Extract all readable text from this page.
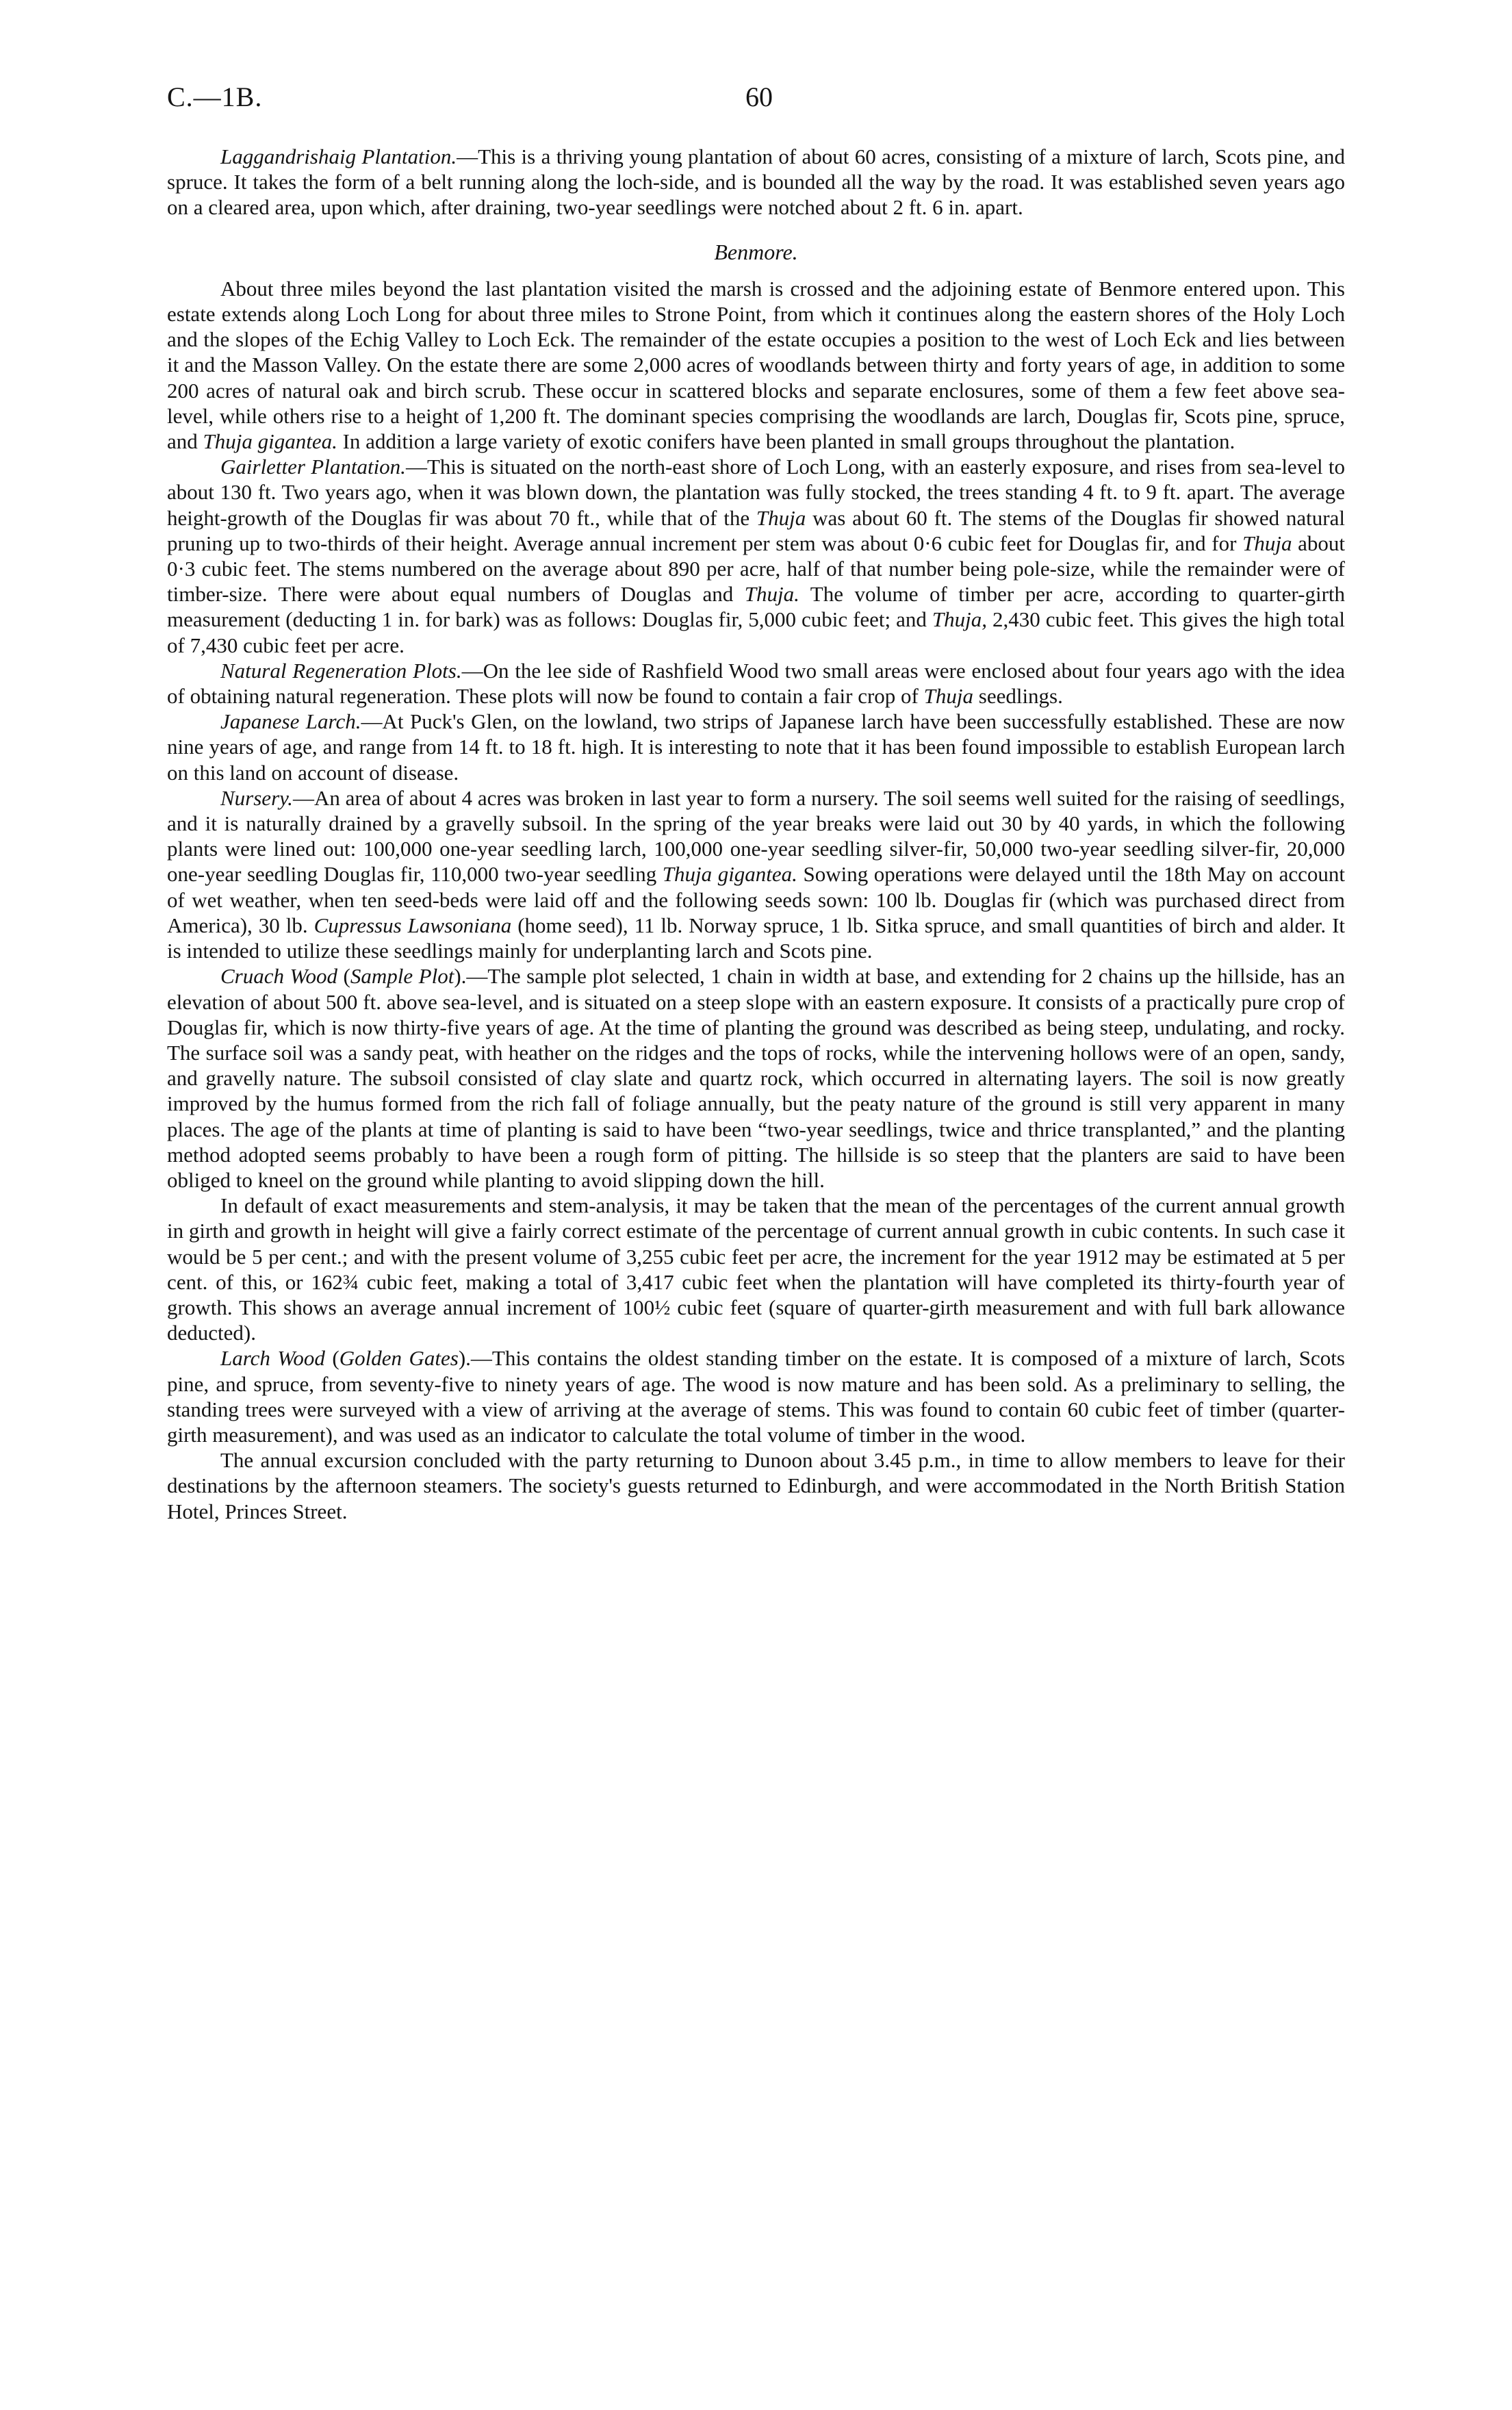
C.—1B.	60

Laggandrishaig Plantation.—This is a thriving young plantation of about 60 acres, consisting of a mixture of larch, Scots pine, and spruce. It takes the form of a belt running along the loch-side, and is bounded all the way by the road. It was established seven years ago on a cleared area, upon which, after draining, two-year seedlings were notched about 2 ft. 6 in. apart.

Benmore.

About three miles beyond the last plantation visited the marsh is crossed and the adjoining estate of Benmore entered upon. This estate extends along Loch Long for about three miles to Strone Point, from which it continues along the eastern shores of the Holy Loch and the slopes of the Echig Valley to Loch Eck. The remainder of the estate occupies a position to the west of Loch Eck and lies between it and the Masson Valley. On the estate there are some 2,000 acres of woodlands between thirty and forty years of age, in addition to some 200 acres of natural oak and birch scrub. These occur in scattered blocks and separate enclosures, some of them a few feet above sea-level, while others rise to a height of 1,200 ft. The dominant species comprising the woodlands are larch, Douglas fir, Scots pine, spruce, and Thuja gigantea. In addition a large variety of exotic conifers have been planted in small groups throughout the plantation.

Gairletter Plantation.—This is situated on the north-east shore of Loch Long, with an easterly exposure, and rises from sea-level to about 130 ft. Two years ago, when it was blown down, the plantation was fully stocked, the trees standing 4 ft. to 9 ft. apart. The average height-growth of the Douglas fir was about 70 ft., while that of the Thuja was about 60 ft. The stems of the Douglas fir showed natural pruning up to two-thirds of their height. Average annual increment per stem was about 0·6 cubic feet for Douglas fir, and for Thuja about 0·3 cubic feet. The stems numbered on the average about 890 per acre, half of that number being pole-size, while the remainder were of timber-size. There were about equal numbers of Douglas and Thuja. The volume of timber per acre, according to quarter-girth measurement (deducting 1 in. for bark) was as follows: Douglas fir, 5,000 cubic feet; and Thuja, 2,430 cubic feet. This gives the high total of 7,430 cubic feet per acre.

Natural Regeneration Plots.—On the lee side of Rashfield Wood two small areas were enclosed about four years ago with the idea of obtaining natural regeneration. These plots will now be found to contain a fair crop of Thuja seedlings.

Japanese Larch.—At Puck's Glen, on the lowland, two strips of Japanese larch have been successfully established. These are now nine years of age, and range from 14 ft. to 18 ft. high. It is interesting to note that it has been found impossible to establish European larch on this land on account of disease.

Nursery.—An area of about 4 acres was broken in last year to form a nursery. The soil seems well suited for the raising of seedlings, and it is naturally drained by a gravelly subsoil. In the spring of the year breaks were laid out 30 by 40 yards, in which the following plants were lined out: 100,000 one-year seedling larch, 100,000 one-year seedling silver-fir, 50,000 two-year seedling silver-fir, 20,000 one-year seedling Douglas fir, 110,000 two-year seedling Thuja gigantea. Sowing operations were delayed until the 18th May on account of wet weather, when ten seed-beds were laid off and the following seeds sown: 100 lb. Douglas fir (which was purchased direct from America), 30 lb. Cupressus Lawsoniana (home seed), 11 lb. Norway spruce, 1 lb. Sitka spruce, and small quantities of birch and alder. It is intended to utilize these seedlings mainly for underplanting larch and Scots pine.

Cruach Wood (Sample Plot).—The sample plot selected, 1 chain in width at base, and extending for 2 chains up the hillside, has an elevation of about 500 ft. above sea-level, and is situated on a steep slope with an eastern exposure. It consists of a practically pure crop of Douglas fir, which is now thirty-five years of age. At the time of planting the ground was described as being steep, undulating, and rocky. The surface soil was a sandy peat, with heather on the ridges and the tops of rocks, while the intervening hollows were of an open, sandy, and gravelly nature. The subsoil consisted of clay slate and quartz rock, which occurred in alternating layers. The soil is now greatly improved by the humus formed from the rich fall of foliage annually, but the peaty nature of the ground is still very apparent in many places. The age of the plants at time of planting is said to have been “two-year seedlings, twice and thrice transplanted,” and the planting method adopted seems probably to have been a rough form of pitting. The hillside is so steep that the planters are said to have been obliged to kneel on the ground while planting to avoid slipping down the hill.

In default of exact measurements and stem-analysis, it may be taken that the mean of the percentages of the current annual growth in girth and growth in height will give a fairly correct estimate of the percentage of current annual growth in cubic contents. In such case it would be 5 per cent.; and with the present volume of 3,255 cubic feet per acre, the increment for the year 1912 may be estimated at 5 per cent. of this, or 162¾ cubic feet, making a total of 3,417 cubic feet when the plantation will have completed its thirty-fourth year of growth. This shows an average annual increment of 100½ cubic feet (square of quarter-girth measurement and with full bark allowance deducted).

Larch Wood (Golden Gates).—This contains the oldest standing timber on the estate. It is composed of a mixture of larch, Scots pine, and spruce, from seventy-five to ninety years of age. The wood is now mature and has been sold. As a preliminary to selling, the standing trees were surveyed with a view of arriving at the average of stems. This was found to contain 60 cubic feet of timber (quarter-girth measurement), and was used as an indicator to calculate the total volume of timber in the wood.

The annual excursion concluded with the party returning to Dunoon about 3.45 p.m., in time to allow members to leave for their destinations by the afternoon steamers. The society's guests returned to Edinburgh, and were accommodated in the North British Station Hotel, Princes Street.
